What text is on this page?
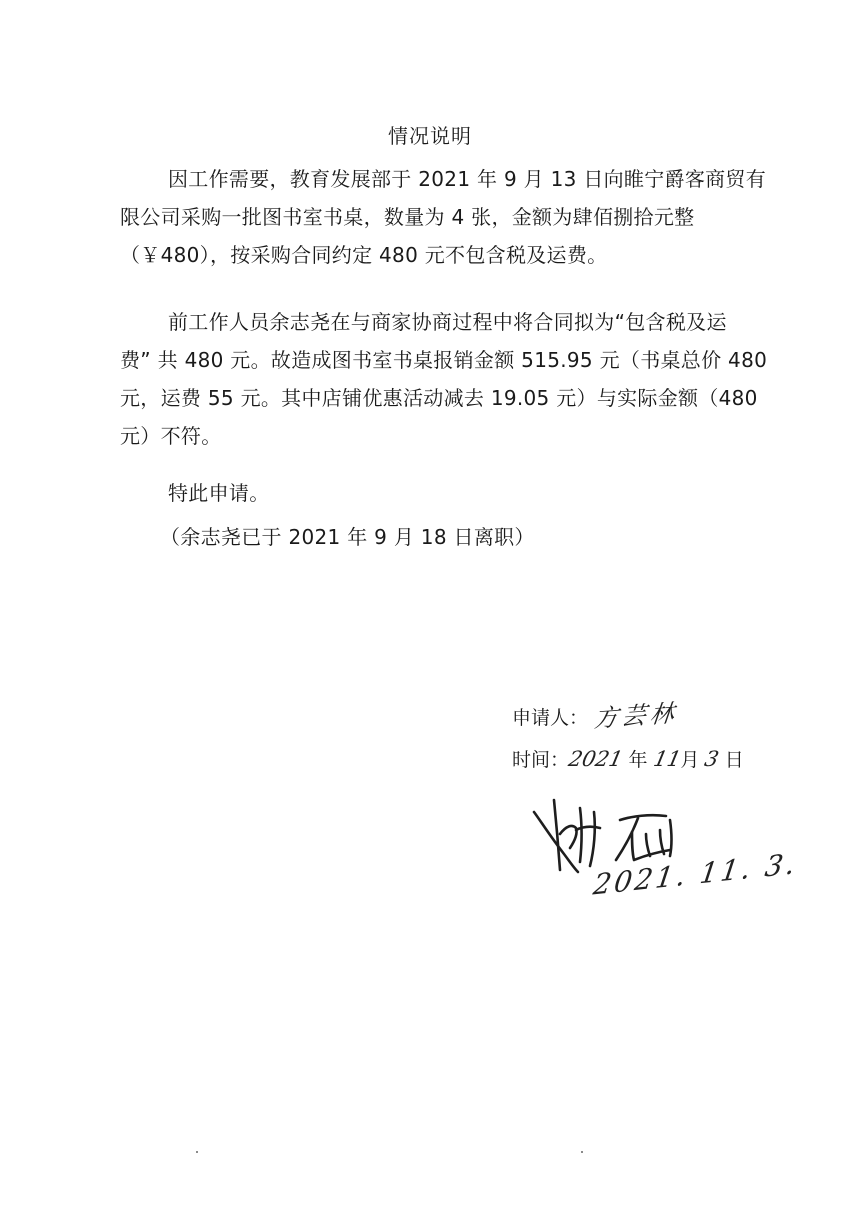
情况说明
因工作需要，教育发展部于 2021 年 9 月 13 日向睢宁爵客商贸有
限公司采购一批图书室书桌，数量为 4 张，金额为肆佰捌拾元整
（￥480），按采购合同约定 480 元不包含税及运费。
前工作人员余志尧在与商家协商过程中将合同拟为“包含税及运
费” 共 480 元。故造成图书室书桌报销金额 515.95 元（书桌总价 480
元，运费 55 元。其中店铺优惠活动减去 19.05 元）与实际金额（480
元）不符。
特此申请。
（余志尧已于 2021 年 9 月 18 日离职）
申请人： 方芸林
时间：2021 年 11月 3 日
2021. 11. 3.
